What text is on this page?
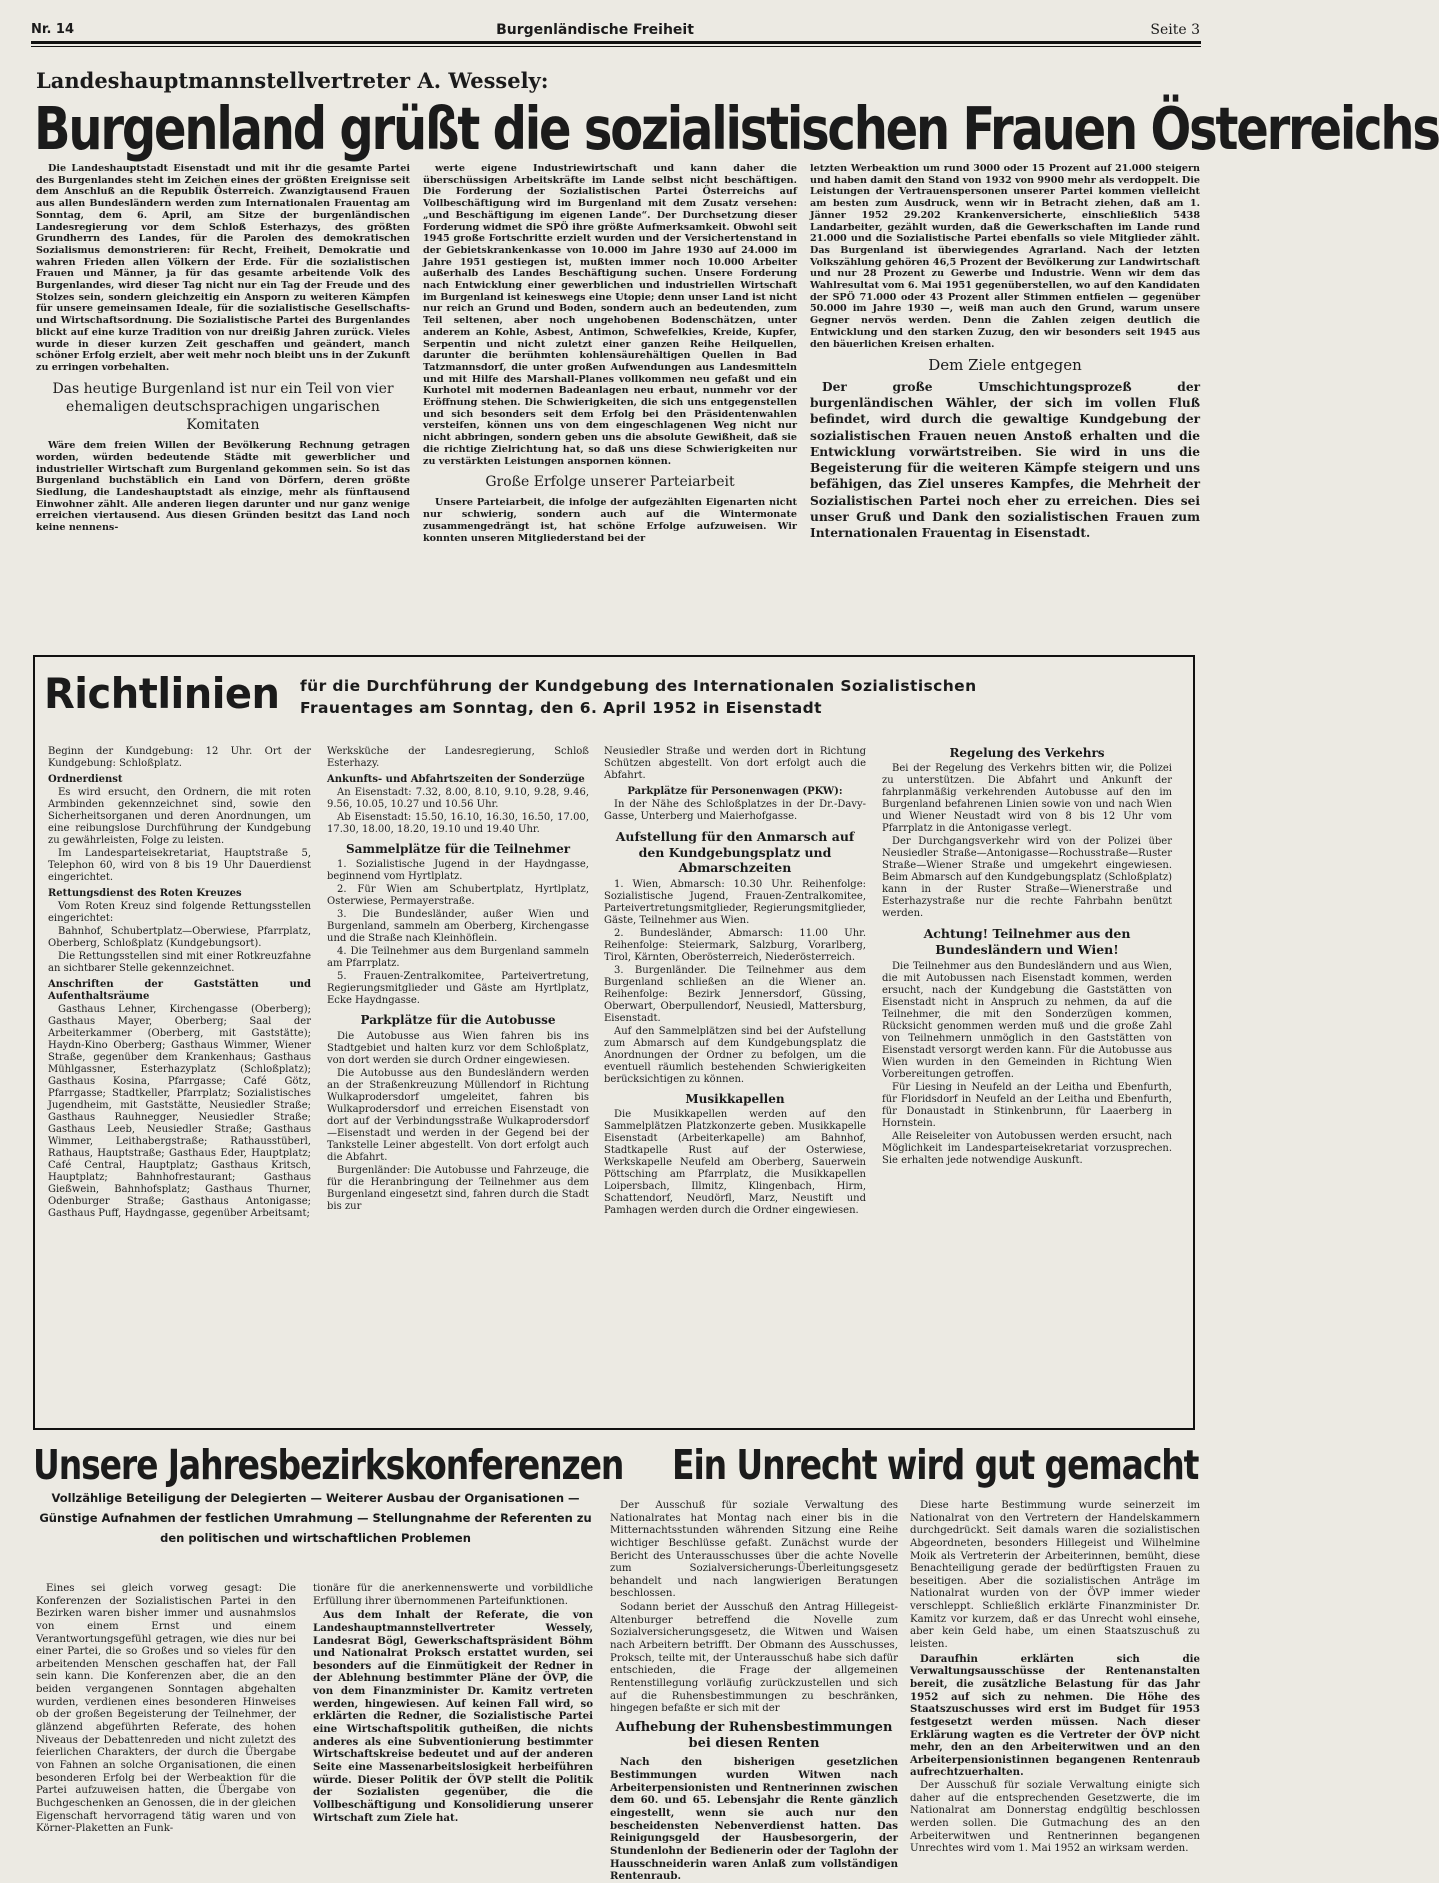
Nr. 14	Burgenländische Freiheit	Seite 3
Landeshauptmannstellvertreter A. Wessely:
Burgenland grüßt die sozialistischen Frauen Österreichs

Die Landeshauptstadt Eisenstadt und mit ihr die gesamte Partei des Burgenlandes steht im Zeichen eines der größten Ereignisse seit dem Anschluß an die Republik Österreich. Zwanzigtausend Frauen aus allen Bundesländern werden zum Internationalen Frauentag am Sonntag, dem 6. April, am Sitze der burgenländischen Landesregierung vor dem Schloß Esterhazys, des größten Grundherrn des Landes, für die Parolen des demokratischen Sozialismus demonstrieren: für Recht, Freiheit, Demokratie und wahren Frieden allen Völkern der Erde. Für die sozialistischen Frauen und Männer, ja für das gesamte arbeitende Volk des Burgenlandes, wird dieser Tag nicht nur ein Tag der Freude und des Stolzes sein, sondern gleichzeitig ein Ansporn zu weiteren Kämpfen für unsere gemeinsamen Ideale, für die sozialistische Gesellschafts- und Wirtschaftsordnung. Die Sozialistische Partei des Burgenlandes blickt auf eine kurze Tradition von nur dreißig Jahren zurück. Vieles wurde in dieser kurzen Zeit geschaffen und geändert, manch schöner Erfolg erzielt, aber weit mehr noch bleibt uns in der Zukunft zu erringen vorbehalten.

Das heutige Burgenland ist nur ein Teil von vier ehemaligen deutschsprachigen ungarischen Komitaten

Wäre dem freien Willen der Bevölkerung Rechnung getragen worden, würden bedeutende Städte mit gewerblicher und industrieller Wirtschaft zum Burgenland gekommen sein. So ist das Burgenland buchstäblich ein Land von Dörfern, deren größte Siedlung, die Landeshauptstadt als einzige, mehr als fünftausend Einwohner zählt. Alle anderen liegen darunter und nur ganz wenige erreichen viertausend. Aus diesen Gründen besitzt das Land noch keine nennens-

werte eigene Industriewirtschaft und kann daher die überschüssigen Arbeitskräfte im Lande selbst nicht beschäftigen. Die Forderung der Sozialistischen Partei Österreichs auf Vollbeschäftigung wird im Burgenland mit dem Zusatz versehen: „und Beschäftigung im eigenen Lande“. Der Durchsetzung dieser Forderung widmet die SPÖ ihre größte Aufmerksamkeit. Obwohl seit 1945 große Fortschritte erzielt wurden und der Versichertenstand in der Gebietskrankenkasse von 10.000 im Jahre 1930 auf 24.000 im Jahre 1951 gestiegen ist, mußten immer noch 10.000 Arbeiter außerhalb des Landes Beschäftigung suchen. Unsere Forderung nach Entwicklung einer gewerblichen und industriellen Wirtschaft im Burgenland ist keineswegs eine Utopie; denn unser Land ist nicht nur reich an Grund und Boden, sondern auch an bedeutenden, zum Teil seltenen, aber noch ungehobenen Bodenschätzen, unter anderem an Kohle, Asbest, Antimon, Schwefelkies, Kreide, Kupfer, Serpentin und nicht zuletzt einer ganzen Reihe Heilquellen, darunter die berühmten kohlensäurehältigen Quellen in Bad Tatzmannsdorf, die unter großen Aufwendungen aus Landesmitteln und mit Hilfe des Marshall-Planes vollkommen neu gefaßt und ein Kurhotel mit modernen Badeanlagen neu erbaut, nunmehr vor der Eröffnung stehen. Die Schwierigkeiten, die sich uns entgegenstellen und sich besonders seit dem Erfolg bei den Präsidentenwahlen versteifen, können uns von dem eingeschlagenen Weg nicht nur nicht abbringen, sondern geben uns die absolute Gewißheit, daß sie die richtige Zielrichtung hat, so daß uns diese Schwierigkeiten nur zu verstärkten Leistungen anspornen können.

Große Erfolge unserer Parteiarbeit

Unsere Parteiarbeit, die infolge der aufgezählten Eigenarten nicht nur schwierig, sondern auch auf die Wintermonate zusammengedrängt ist, hat schöne Erfolge aufzuweisen. Wir konnten unseren Mitgliederstand bei der

letzten Werbeaktion um rund 3000 oder 15 Prozent auf 21.000 steigern und haben damit den Stand von 1932 von 9900 mehr als verdoppelt. Die Leistungen der Vertrauenspersonen unserer Partei kommen vielleicht am besten zum Ausdruck, wenn wir in Betracht ziehen, daß am 1. Jänner 1952 29.202 Krankenversicherte, einschließlich 5438 Landarbeiter, gezählt wurden, daß die Gewerkschaften im Lande rund 21.000 und die Sozialistische Partei ebenfalls so viele Mitglieder zählt. Das Burgenland ist überwiegendes Agrarland. Nach der letzten Volkszählung gehören 46,5 Prozent der Bevölkerung zur Landwirtschaft und nur 28 Prozent zu Gewerbe und Industrie. Wenn wir dem das Wahlresultat vom 6. Mai 1951 gegenüberstellen, wo auf den Kandidaten der SPÖ 71.000 oder 43 Prozent aller Stimmen entfielen — gegenüber 50.000 im Jahre 1930 —, weiß man auch den Grund, warum unsere Gegner nervös werden. Denn die Zahlen zeigen deutlich die Entwicklung und den starken Zuzug, den wir besonders seit 1945 aus den bäuerlichen Kreisen erhalten.

Dem Ziele entgegen

Der große Umschichtungsprozeß der burgenländischen Wähler, der sich im vollen Fluß befindet, wird durch die gewaltige Kundgebung der sozialistischen Frauen neuen Anstoß erhalten und die Entwicklung vorwärtstreiben. Sie wird in uns die Begeisterung für die weiteren Kämpfe steigern und uns befähigen, das Ziel unseres Kampfes, die Mehrheit der Sozialistischen Partei noch eher zu erreichen. Dies sei unser Gruß und Dank den sozialistischen Frauen zum Internationalen Frauentag in Eisenstadt.

Richtlinien	für die Durchführung der Kundgebung des Internationalen Sozialistischen
Frauentages am Sonntag, den 6. April 1952 in Eisenstadt

Beginn der Kundgebung: 12 Uhr. Ort der Kundgebung: Schloßplatz.

Ordnerdienst

Es wird ersucht, den Ordnern, die mit roten Armbinden gekennzeichnet sind, sowie den Sicherheitsorganen und deren Anordnungen, um eine reibungslose Durchführung der Kundgebung zu gewährleisten, Folge zu leisten.

Im Landesparteisekretariat, Hauptstraße 5, Telephon 60, wird von 8 bis 19 Uhr Dauerdienst eingerichtet.

Rettungsdienst des Roten Kreuzes

Vom Roten Kreuz sind folgende Rettungsstellen eingerichtet:

Bahnhof, Schubertplatz—Oberwiese, Pfarrplatz, Oberberg, Schloßplatz (Kundgebungsort).

Die Rettungsstellen sind mit einer Rotkreuzfahne an sichtbarer Stelle gekennzeichnet.

Anschriften der Gaststätten und Aufenthaltsräume

Gasthaus Lehner, Kirchengasse (Oberberg); Gasthaus Mayer, Oberberg; Saal der Arbeiterkammer (Oberberg, mit Gaststätte); Haydn-Kino Oberberg; Gasthaus Wimmer, Wiener Straße, gegenüber dem Krankenhaus; Gasthaus Mühlgassner, Esterhazyplatz (Schloßplatz); Gasthaus Kosina, Pfarrgasse; Café Götz, Pfarrgasse; Stadtkeller, Pfarrplatz; Sozialistisches Jugendheim, mit Gaststätte, Neusiedler Straße; Gasthaus Rauhnegger, Neusiedler Straße; Gasthaus Leeb, Neusiedler Straße; Gasthaus Wimmer, Leithabergstraße; Rathausstüberl, Rathaus, Hauptstraße; Gasthaus Eder, Hauptplatz; Café Central, Hauptplatz; Gasthaus Kritsch, Hauptplatz; Bahnhofrestaurant; Gasthaus Gießwein, Bahnhofsplatz; Gasthaus Thurner, Odenburger Straße; Gasthaus Antonigasse; Gasthaus Puff, Haydngasse, gegenüber Arbeitsamt;

Werksküche der Landesregierung, Schloß Esterhazy.

Ankunfts- und Abfahrtszeiten der Sonderzüge

An Eisenstadt: 7.32, 8.00, 8.10, 9.10, 9.28, 9.46, 9.56, 10.05, 10.27 und 10.56 Uhr.

Ab Eisenstadt: 15.50, 16.10, 16.30, 16.50, 17.00, 17.30, 18.00, 18.20, 19.10 und 19.40 Uhr.

Sammelplätze für die Teilnehmer

1. Sozialistische Jugend in der Haydngasse, beginnend vom Hyrtlplatz.

2. Für Wien am Schubertplatz, Hyrtlplatz, Osterwiese, Permayerstraße.

3. Die Bundesländer, außer Wien und Burgenland, sammeln am Oberberg, Kirchengasse und die Straße nach Kleinhöflein.

4. Die Teilnehmer aus dem Burgenland sammeln am Pfarrplatz.

5. Frauen-Zentralkomitee, Parteivertretung, Regierungsmitglieder und Gäste am Hyrtlplatz, Ecke Haydngasse.

Parkplätze für die Autobusse

Die Autobusse aus Wien fahren bis ins Stadtgebiet und halten kurz vor dem Schloßplatz, von dort werden sie durch Ordner eingewiesen.

Die Autobusse aus den Bundesländern werden an der Straßenkreuzung Müllendorf in Richtung Wulkaprodersdorf umgeleitet, fahren bis Wulkaprodersdorf und erreichen Eisenstadt von dort auf der Verbindungsstraße Wulkaprodersdorf—Eisenstadt und werden in der Gegend bei der Tankstelle Leiner abgestellt. Von dort erfolgt auch die Abfahrt.

Burgenländer: Die Autobusse und Fahrzeuge, die für die Heranbringung der Teilnehmer aus dem Burgenland eingesetzt sind, fahren durch die Stadt bis zur

Neusiedler Straße und werden dort in Richtung Schützen abgestellt. Von dort erfolgt auch die Abfahrt.

Parkplätze für Personenwagen (PKW):

In der Nähe des Schloßplatzes in der Dr.-Davy-Gasse, Unterberg und Maierhofgasse.

Aufstellung für den Anmarsch auf den Kundgebungsplatz und Abmarschzeiten

1. Wien, Abmarsch: 10.30 Uhr. Reihenfolge: Sozialistische Jugend, Frauen-Zentralkomitee, Parteivertretungsmitglieder, Regierungsmitglieder, Gäste, Teilnehmer aus Wien.

2. Bundesländer, Abmarsch: 11.00 Uhr. Reihenfolge: Steiermark, Salzburg, Vorarlberg, Tirol, Kärnten, Oberösterreich, Niederösterreich.

3. Burgenländer. Die Teilnehmer aus dem Burgenland schließen an die Wiener an. Reihenfolge: Bezirk Jennersdorf, Güssing, Oberwart, Oberpullendorf, Neusiedl, Mattersburg, Eisenstadt.

Auf den Sammelplätzen sind bei der Aufstellung zum Abmarsch auf dem Kundgebungsplatz die Anordnungen der Ordner zu befolgen, um die eventuell räumlich bestehenden Schwierigkeiten berücksichtigen zu können.

Musikkapellen

Die Musikkapellen werden auf den Sammelplätzen Platzkonzerte geben. Musikkapelle Eisenstadt (Arbeiterkapelle) am Bahnhof, Stadtkapelle Rust auf der Osterwiese, Werkskapelle Neufeld am Oberberg, Sauerwein Pöttsching am Pfarrplatz, die Musikkapellen Loipersbach, Illmitz, Klingenbach, Hirm, Schattendorf, Neudörfl, Marz, Neustift und Pamhagen werden durch die Ordner eingewiesen.

Regelung des Verkehrs

Bei der Regelung des Verkehrs bitten wir, die Polizei zu unterstützen. Die Abfahrt und Ankunft der fahrplanmäßig verkehrenden Autobusse auf den im Burgenland befahrenen Linien sowie von und nach Wien und Wiener Neustadt wird von 8 bis 12 Uhr vom Pfarrplatz in die Antonigasse verlegt.

Der Durchgangsverkehr wird von der Polizei über Neusiedler Straße—Antonigasse—Rochusstraße—Ruster Straße—Wiener Straße und umgekehrt eingewiesen. Beim Abmarsch auf den Kundgebungsplatz (Schloßplatz) kann in der Ruster Straße—Wienerstraße und Esterhazystraße nur die rechte Fahrbahn benützt werden.

Achtung! Teilnehmer aus den Bundesländern und Wien!

Die Teilnehmer aus den Bundesländern und aus Wien, die mit Autobussen nach Eisenstadt kommen, werden ersucht, nach der Kundgebung die Gaststätten von Eisenstadt nicht in Anspruch zu nehmen, da auf die Teilnehmer, die mit den Sonderzügen kommen, Rücksicht genommen werden muß und die große Zahl von Teilnehmern unmöglich in den Gaststätten von Eisenstadt versorgt werden kann. Für die Autobusse aus Wien wurden in den Gemeinden in Richtung Wien Vorbereitungen getroffen.

Für Liesing in Neufeld an der Leitha und Ebenfurth, für Floridsdorf in Neufeld an der Leitha und Ebenfurth, für Donaustadt in Stinkenbrunn, für Laaerberg in Hornstein.

Alle Reiseleiter von Autobussen werden ersucht, nach Möglichkeit im Landesparteisekretariat vorzusprechen. Sie erhalten jede notwendige Auskunft.

Unsere Jahresbezirkskonferenzen
Vollzählige Beteiligung der Delegierten — Weiterer Ausbau der Organisationen — Günstige Aufnahmen der festlichen Umrahmung — Stellungnahme der Referenten zu den politischen und wirtschaftlichen Problemen

Eines sei gleich vorweg gesagt: Die Konferenzen der Sozialistischen Partei in den Bezirken waren bisher immer und ausnahmslos von einem Ernst und einem Verantwortungsgefühl getragen, wie dies nur bei einer Partei, die so Großes und so vieles für den arbeitenden Menschen geschaffen hat, der Fall sein kann. Die Konferenzen aber, die an den beiden vergangenen Sonntagen abgehalten wurden, verdienen eines besonderen Hinweises ob der großen Begeisterung der Teilnehmer, der glänzend abgeführten Referate, des hohen Niveaus der Debattenreden und nicht zuletzt des feierlichen Charakters, der durch die Übergabe von Fahnen an solche Organisationen, die einen besonderen Erfolg bei der Werbeaktion für die Partei aufzuweisen hatten, die Übergabe von Buchgeschenken an Genossen, die in der gleichen Eigenschaft hervorragend tätig waren und von Körner-Plaketten an Funk-

tionäre für die anerkennenswerte und vorbildliche Erfüllung ihrer übernommenen Parteifunktionen.

Aus dem Inhalt der Referate, die von Landeshauptmannstellvertreter Wessely, Landesrat Bögl, Gewerkschaftspräsident Böhm und Nationalrat Proksch erstattet wurden, sei besonders auf die Einmütigkeit der Redner in der Ablehnung bestimmter Pläne der ÖVP, die von dem Finanzminister Dr. Kamitz vertreten werden, hingewiesen. Auf keinen Fall wird, so erklärten die Redner, die Sozialistische Partei eine Wirtschaftspolitik gutheißen, die nichts anderes als eine Subventionierung bestimmter Wirtschaftskreise bedeutet und auf der anderen Seite eine Massenarbeitslosigkeit herbeiführen würde. Dieser Politik der ÖVP stellt die Politik der Sozialisten gegenüber, die die Vollbeschäftigung und Konsolidierung unserer Wirtschaft zum Ziele hat.

Ein Unrecht wird gut gemacht

Der Ausschuß für soziale Verwaltung des Nationalrates hat Montag nach einer bis in die Mitternachtsstunden währenden Sitzung eine Reihe wichtiger Beschlüsse gefaßt. Zunächst wurde der Bericht des Unterausschusses über die achte Novelle zum Sozialversicherungs-Überleitungsgesetz behandelt und nach langwierigen Beratungen beschlossen.

Sodann beriet der Ausschuß den Antrag Hillegeist-Altenburger betreffend die Novelle zum Sozialversicherungsgesetz, die Witwen und Waisen nach Arbeitern betrifft. Der Obmann des Ausschusses, Proksch, teilte mit, der Unterausschuß habe sich dafür entschieden, die Frage der allgemeinen Rentenstillegung vorläufig zurückzustellen und sich auf die Ruhensbestimmungen zu beschränken, hingegen befaßte er sich mit der

Aufhebung der Ruhensbestimmungen bei diesen Renten

Nach den bisherigen gesetzlichen Bestimmungen wurden Witwen nach Arbeiterpensionisten und Rentnerinnen zwischen dem 60. und 65. Lebensjahr die Rente gänzlich eingestellt, wenn sie auch nur den bescheidensten Nebenverdienst hatten. Das Reinigungsgeld der Hausbesorgerin, der Stundenlohn der Bedienerin oder der Taglohn der Hausschneiderin waren Anlaß zum vollständigen Rentenraub.

Diese harte Bestimmung wurde seinerzeit im Nationalrat von den Vertretern der Handelskammern durchgedrückt. Seit damals waren die sozialistischen Abgeordneten, besonders Hillegeist und Wilhelmine Moik als Vertreterin der Arbeiterinnen, bemüht, diese Benachteiligung gerade der bedürftigsten Frauen zu beseitigen. Aber die sozialistischen Anträge im Nationalrat wurden von der ÖVP immer wieder verschleppt. Schließlich erklärte Finanzminister Dr. Kamitz vor kurzem, daß er das Unrecht wohl einsehe, aber kein Geld habe, um einen Staatszuschuß zu leisten.

Daraufhin erklärten sich die Verwaltungsausschüsse der Rentenanstalten bereit, die zusätzliche Belastung für das Jahr 1952 auf sich zu nehmen. Die Höhe des Staatszuschusses wird erst im Budget für 1953 festgesetzt werden müssen. Nach dieser Erklärung wagten es die Vertreter der ÖVP nicht mehr, den an den Arbeiterwitwen und an den Arbeiterpensionistinnen begangenen Rentenraub aufrechtzuerhalten.

Der Ausschuß für soziale Verwaltung einigte sich daher auf die entsprechenden Gesetzwerte, die im Nationalrat am Donnerstag endgültig beschlossen werden sollen. Die Gutmachung des an den Arbeiterwitwen und Rentnerinnen begangenen Unrechtes wird vom 1. Mai 1952 an wirksam werden.
